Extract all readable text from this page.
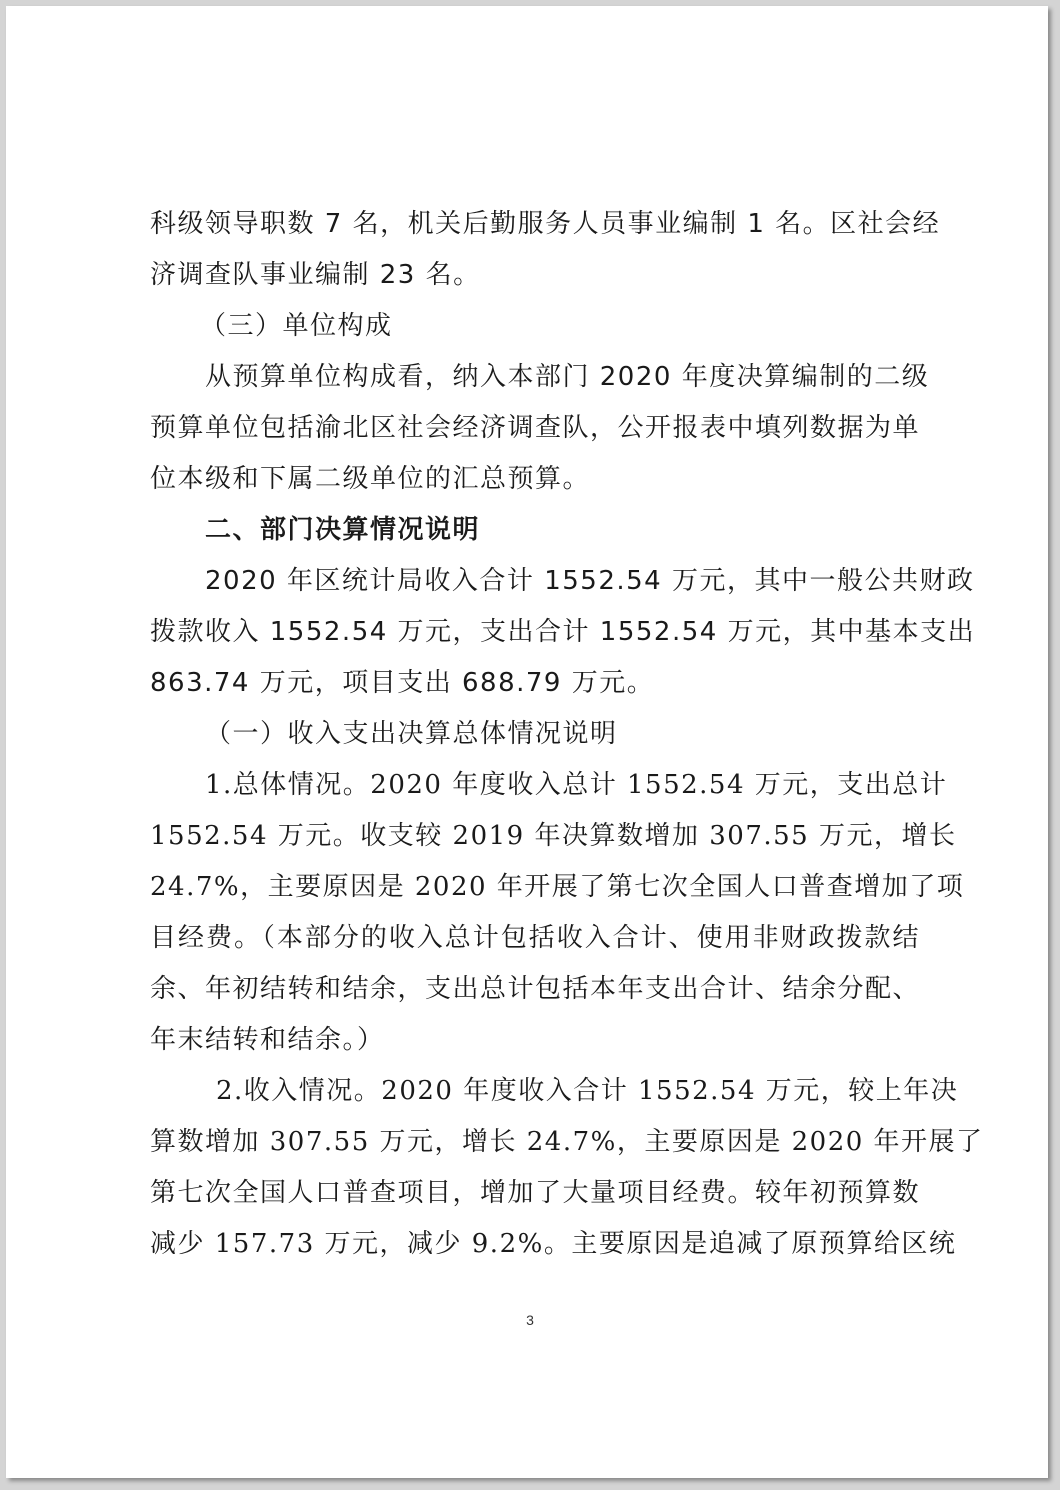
科级领导职数 7 名，机关后勤服务人员事业编制 1 名。区社会经
济调查队事业编制 23 名。
（三）单位构成
从预算单位构成看，纳入本部门 2020 年度决算编制的二级
预算单位包括渝北区社会经济调查队，公开报表中填列数据为单
位本级和下属二级单位的汇总预算。
二、部门决算情况说明
2020 年区统计局收入合计 1552.54 万元，其中一般公共财政
拨款收入 1552.54 万元，支出合计 1552.54 万元，其中基本支出
863.74 万元，项目支出 688.79 万元。
（一）收入支出决算总体情况说明
1.总体情况。2020 年度收入总计 1552.54 万元，支出总计
1552.54 万元。收支较 2019 年决算数增加 307.55 万元，增长
24.7%，主要原因是 2020 年开展了第七次全国人口普查增加了项
目经费。（本部分的收入总计包括收入合计、使用非财政拨款结
余、年初结转和结余，支出总计包括本年支出合计、结余分配、
年末结转和结余。）
2.收入情况。2020 年度收入合计 1552.54 万元，较上年决
算数增加 307.55 万元，增长 24.7%，主要原因是 2020 年开展了
第七次全国人口普查项目，增加了大量项目经费。较年初预算数
减少 157.73 万元，减少 9.2%。主要原因是追减了原预算给区统
3
